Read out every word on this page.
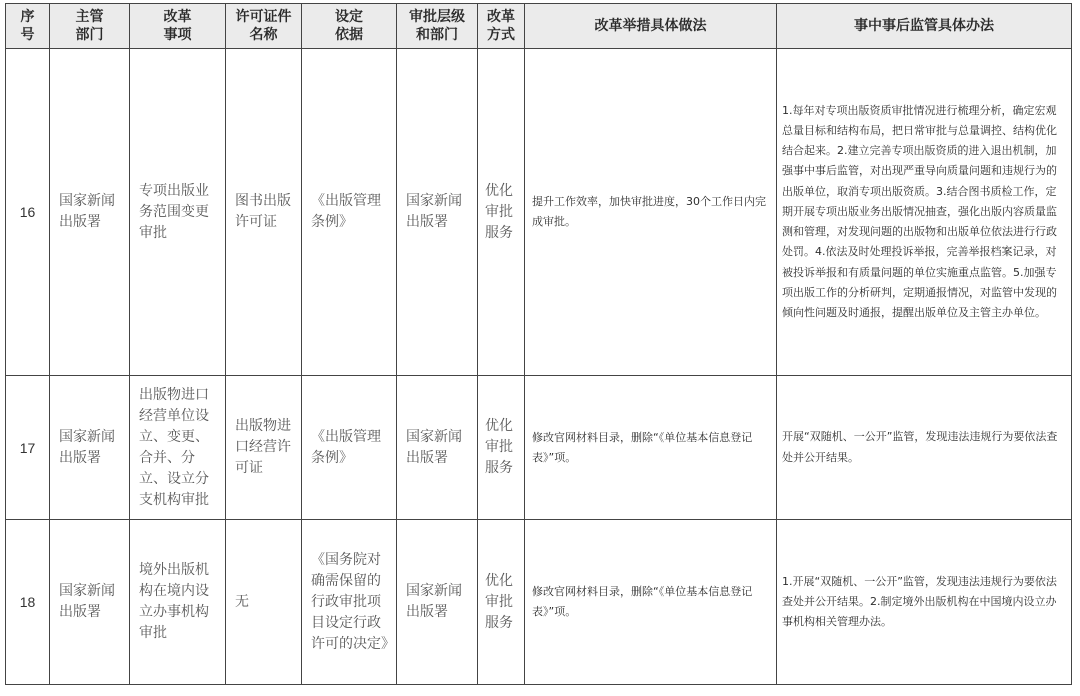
序号	主管部门	改革事项	许可证件名称	设定依据	审批层级和部门	改革方式	改革举措具体做法	事中事后监管具体办法
16	国家新闻出版署	专项出版业务范围变更审批	图书出版许可证	《出版管理条例》	国家新闻出版署	优化审批服务	提升工作效率，加快审批进度，30个工作日内完成审批。	1.每年对专项出版资质审批情况进行梳理分析，确定宏观总量目标和结构布局，把日常审批与总量调控、结构优化结合起来。2.建立完善专项出版资质的进入退出机制，加强事中事后监管，对出现严重导向质量问题和违规行为的出版单位，取消专项出版资质。3.结合图书质检工作，定期开展专项出版业务出版情况抽查，强化出版内容质量监测和管理，对发现问题的出版物和出版单位依法进行行政处罚。4.依法及时处理投诉举报，完善举报档案记录，对被投诉举报和有质量问题的单位实施重点监管。5.加强专项出版工作的分析研判，定期通报情况，对监管中发现的倾向性问题及时通报，提醒出版单位及主管主办单位。
17	国家新闻出版署	出版物进口经营单位设立、变更、合并、分立、设立分支机构审批	出版物进口经营许可证	《出版管理条例》	国家新闻出版署	优化审批服务	修改官网材料目录，删除“《单位基本信息登记表》”项。	开展“双随机、一公开”监管，发现违法违规行为要依法查处并公开结果。
18	国家新闻出版署	境外出版机构在境内设立办事机构审批	无	《国务院对确需保留的行政审批项目设定行政许可的决定》	国家新闻出版署	优化审批服务	修改官网材料目录，删除“《单位基本信息登记表》”项。	1.开展“双随机、一公开”监管，发现违法违规行为要依法查处并公开结果。2.制定境外出版机构在中国境内设立办事机构相关管理办法。
